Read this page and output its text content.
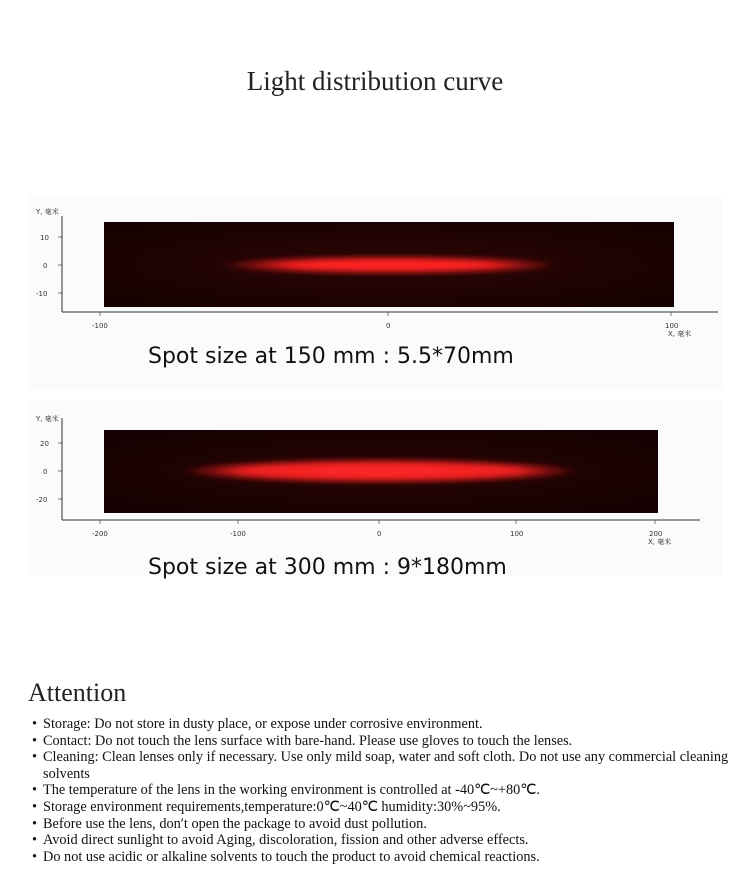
Light distribution curve
Y, 毫米
10
0
-10
-100	0	100
X, 毫米
Spot size at 150 mm : 5.5*70mm
Y, 毫米
20
0
-20
-200	-100	0	100	200
X, 毫米
Spot size at 300 mm : 9*180mm
Attention
• Storage: Do not store in dusty place, or expose under corrosive environment.
• Contact: Do not touch the lens surface with bare-hand. Please use gloves to touch the lenses.
• Cleaning: Clean lenses only if necessary. Use only mild soap, water and soft cloth. Do not use any commercial cleaning solvents
• The temperature of the lens in the working environment is controlled at -40℃~+80℃.
• Storage environment requirements,temperature:0℃~40℃ humidity:30%~95%.
• Before use the lens, don′t open the package to avoid dust pollution.
• Avoid direct sunlight to avoid Aging, discoloration, fission and other adverse effects.
• Do not use acidic or alkaline solvents to touch the product to avoid chemical reactions.
